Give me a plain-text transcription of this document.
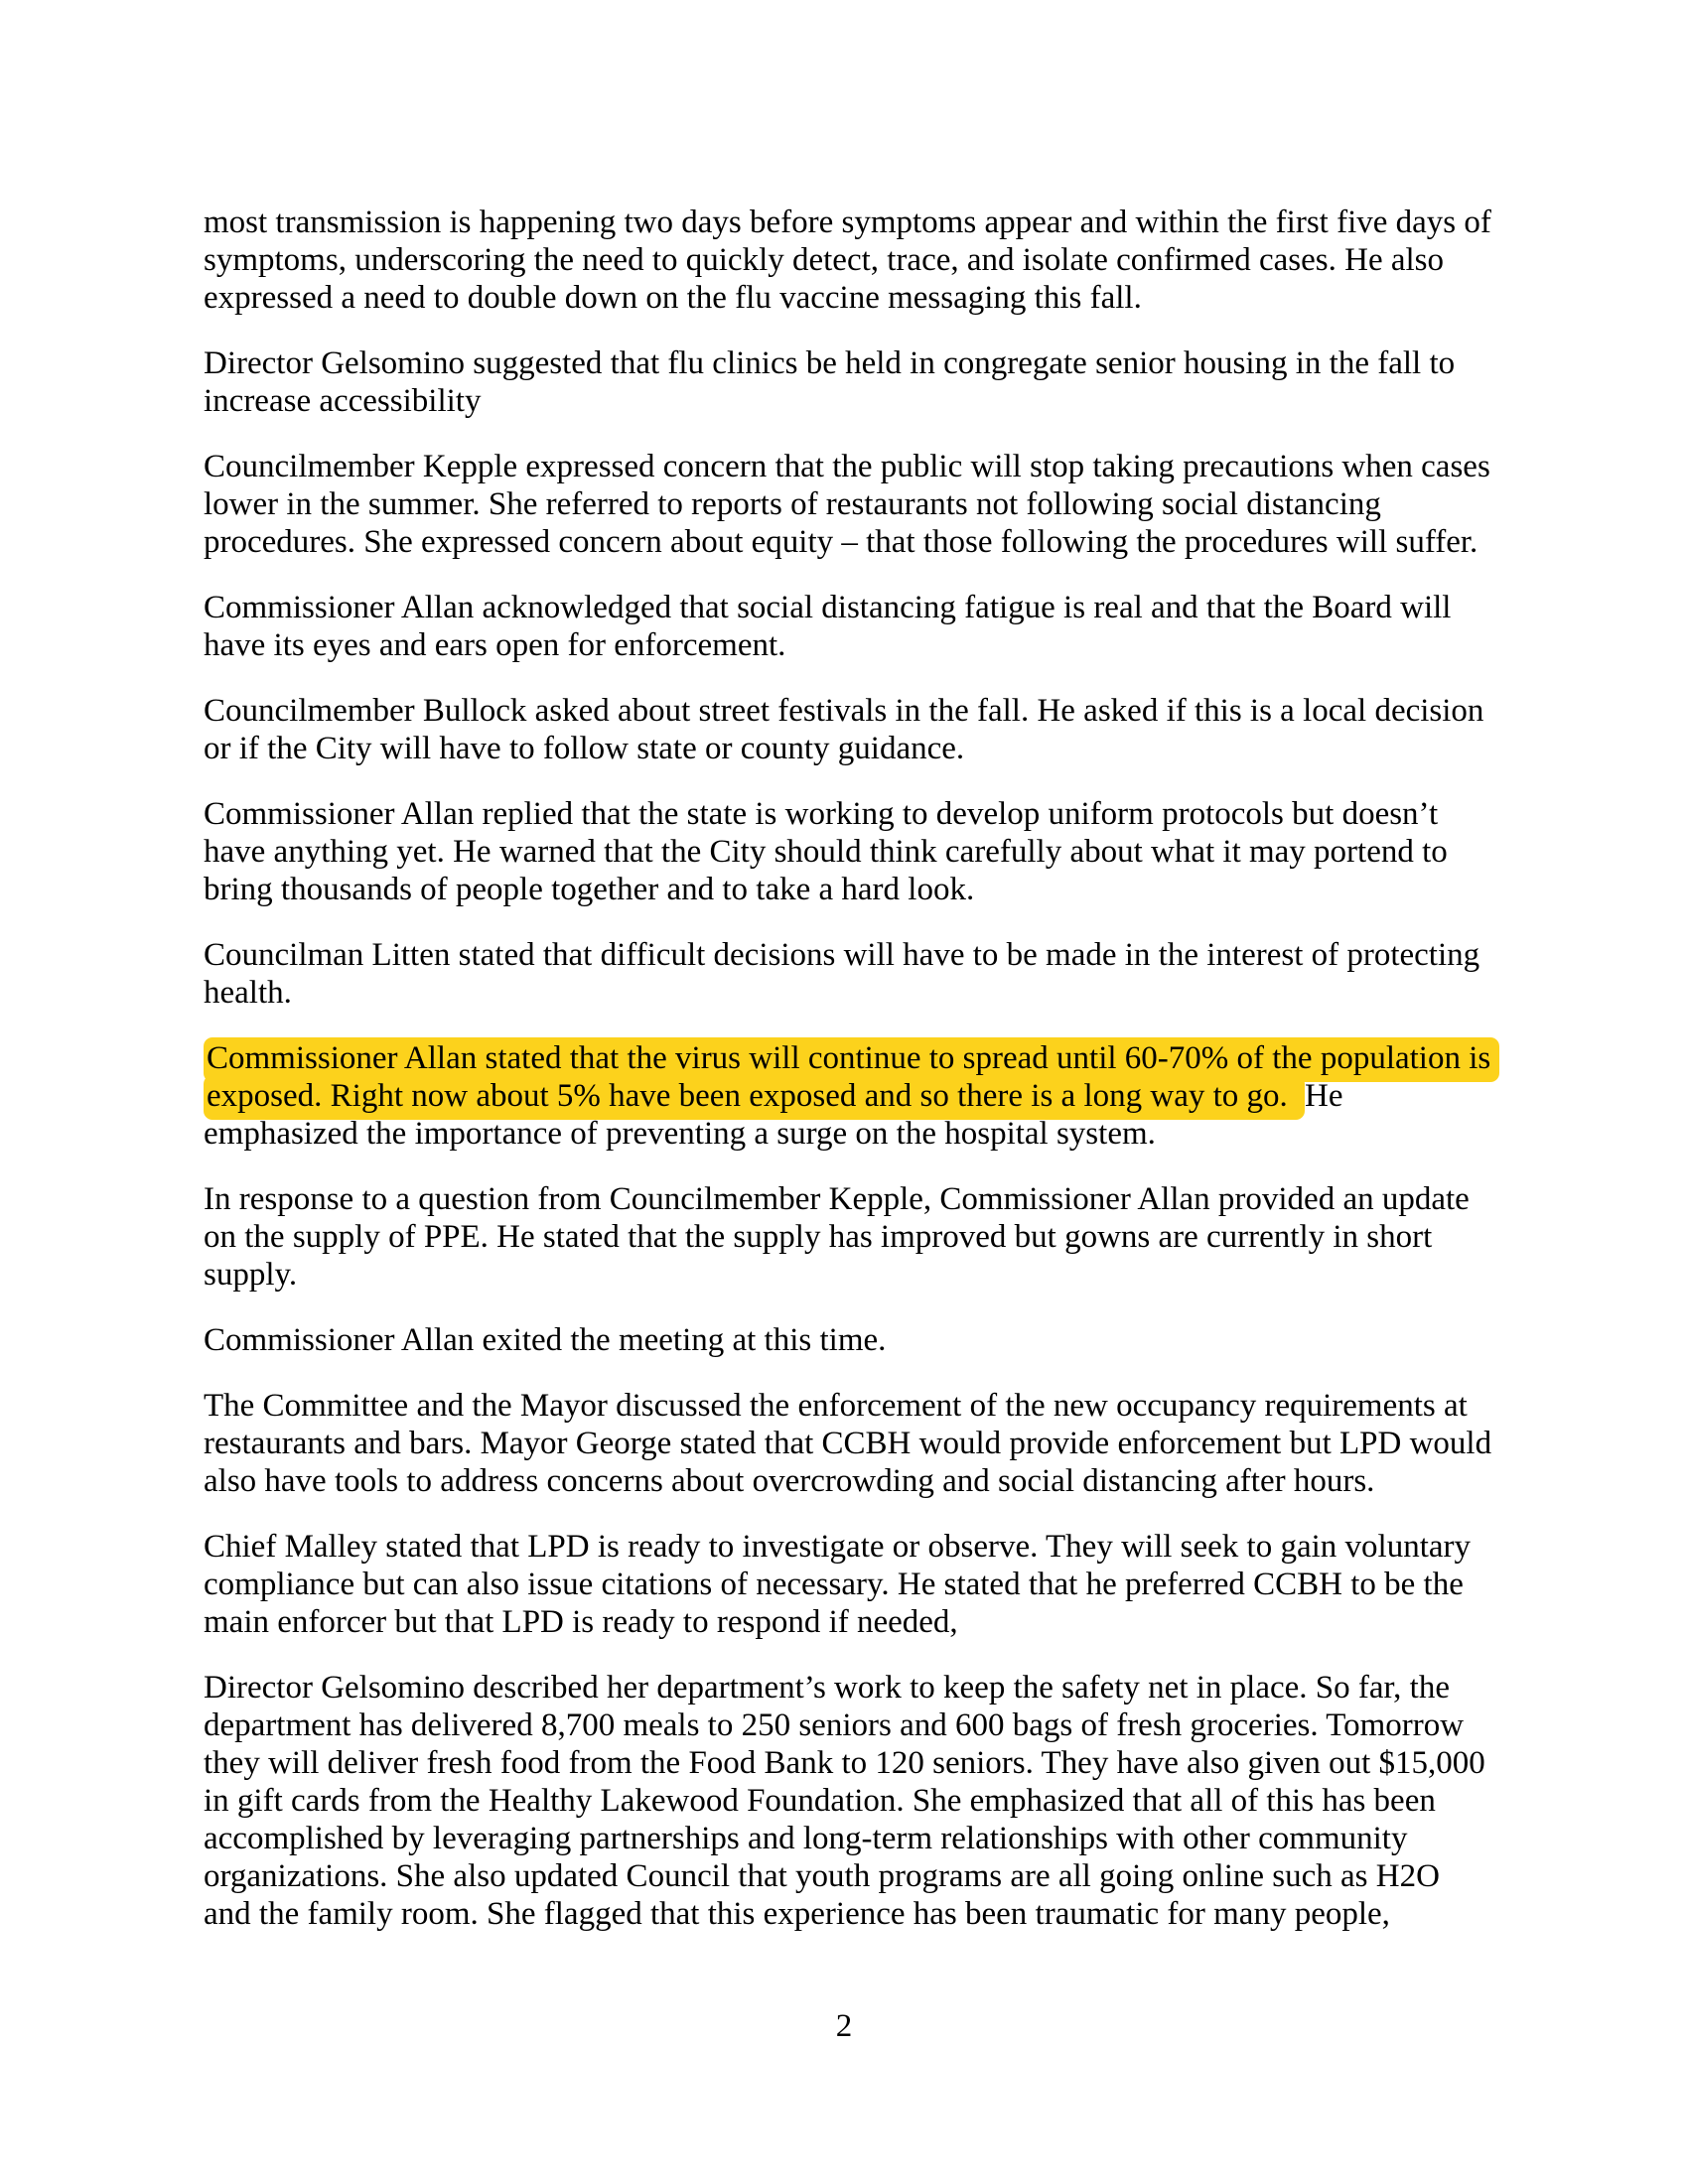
most transmission is happening two days before symptoms appear and within the first five days of symptoms, underscoring the need to quickly detect, trace, and isolate confirmed cases. He also expressed a need to double down on the flu vaccine messaging this fall.

Director Gelsomino suggested that flu clinics be held in congregate senior housing in the fall to increase accessibility

Councilmember Kepple expressed concern that the public will stop taking precautions when cases lower in the summer. She referred to reports of restaurants not following social distancing procedures. She expressed concern about equity – that those following the procedures will suffer.

Commissioner Allan acknowledged that social distancing fatigue is real and that the Board will have its eyes and ears open for enforcement.

Councilmember Bullock asked about street festivals in the fall. He asked if this is a local decision or if the City will have to follow state or county guidance.

Commissioner Allan replied that the state is working to develop uniform protocols but doesn’t have anything yet. He warned that the City should think carefully about what it may portend to bring thousands of people together and to take a hard look.

Councilman Litten stated that difficult decisions will have to be made in the interest of protecting health.

Commissioner Allan stated that the virus will continue to spread until 60-70% of the population is exposed. Right now about 5% have been exposed and so there is a long way to go. He emphasized the importance of preventing a surge on the hospital system.

In response to a question from Councilmember Kepple, Commissioner Allan provided an update on the supply of PPE. He stated that the supply has improved but gowns are currently in short supply.

Commissioner Allan exited the meeting at this time.

The Committee and the Mayor discussed the enforcement of the new occupancy requirements at restaurants and bars. Mayor George stated that CCBH would provide enforcement but LPD would also have tools to address concerns about overcrowding and social distancing after hours.

Chief Malley stated that LPD is ready to investigate or observe. They will seek to gain voluntary compliance but can also issue citations of necessary. He stated that he preferred CCBH to be the main enforcer but that LPD is ready to respond if needed,

Director Gelsomino described her department’s work to keep the safety net in place. So far, the department has delivered 8,700 meals to 250 seniors and 600 bags of fresh groceries. Tomorrow they will deliver fresh food from the Food Bank to 120 seniors. They have also given out $15,000 in gift cards from the Healthy Lakewood Foundation. She emphasized that all of this has been accomplished by leveraging partnerships and long-term relationships with other community organizations. She also updated Council that youth programs are all going online such as H2O and the family room. She flagged that this experience has been traumatic for many people,

2
